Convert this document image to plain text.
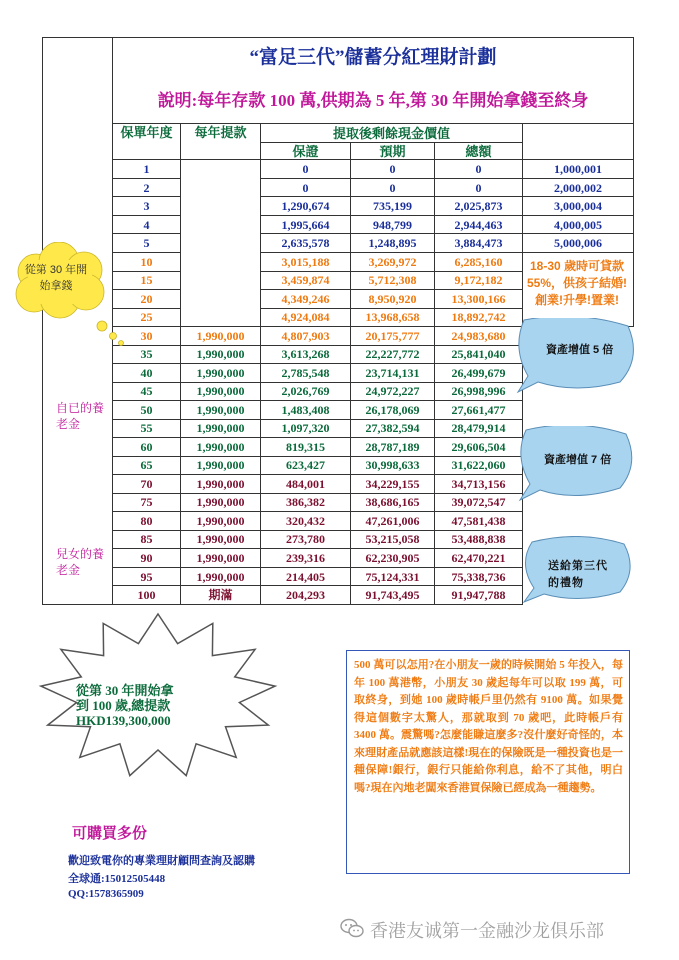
	“富足三代”儲蓄分紅理財計劃					
	說明:每年存款 100 萬,供期為 5 年,第 30 年開始拿錢至終身					
	保單年度	每年提款	提取後剩餘現金價值			
			保證	預期	總額	
	1		0	0	0	1,000,001
	2		0	0	0	2,000,002
	3		1,290,674	735,199	2,025,873	3,000,004
	4		1,995,664	948,799	2,944,463	4,000,005
	5		2,635,578	1,248,895	3,884,473	5,000,006
	10		3,015,188	3,269,972	6,285,160	
	15		3,459,874	5,712,308	9,172,182	
	20		4,349,246	8,950,920	13,300,166	
	25		4,924,084	13,968,658	18,892,742	
	30	1,990,000	4,807,903	20,175,777	24,983,680	
	35	1,990,000	3,613,268	22,227,772	25,841,040	
	40	1,990,000	2,785,548	23,714,131	26,499,679	
	45	1,990,000	2,026,769	24,972,227	26,998,996	
	50	1,990,000	1,483,408	26,178,069	27,661,477	
	55	1,990,000	1,097,320	27,382,594	28,479,914	
	60	1,990,000	819,315	28,787,189	29,606,504	
	65	1,990,000	623,427	30,998,633	31,622,060	
	70	1,990,000	484,001	34,229,155	34,713,156	
	75	1,990,000	386,382	38,686,165	39,072,547	
	80	1,990,000	320,432	47,261,006	47,581,438	
	85	1,990,000	273,780	53,215,058	53,488,838	
	90	1,990,000	239,316	62,230,905	62,470,221	
	95	1,990,000	214,405	75,124,331	75,338,736	
	100	期滿	204,293	91,743,495	91,947,788	
從第 30 年開始拿錢
自已的養老金
兒女的養老金
18-30 歲時可貸款 55%，供孩子結婚!創業!升學!置業!
資產增值 5 倍
資產增值 7 倍
送給第三代的禮物
從第 30 年開始拿
到 100 歲,總提款
HKD139,300,000
500 萬可以怎用?在小朋友一歲的時候開始 5 年投入，每年 100 萬港幣，小朋友 30 歲起每年可以取 199 萬，可取終身，到她 100 歲時帳戶里仍然有 9100 萬。如果覺得這個數字太驚人，那就取到 70 歲吧，此時帳戶有 3400 萬。震驚嗎?怎麼能賺這麼多?沒什麼好奇怪的，本來理財產品就應該這樣!現在的保險既是一種投資也是一種保障!銀行，銀行只能給你利息，給不了其他，明白嗎?現在內地老闆來香港買保險已經成為一種趨勢。
可購買多份
歡迎致電你的專業理財顧問查詢及認購
全球通:15012505448
QQ:1578365909
香港友诚第一金融沙龙俱乐部
